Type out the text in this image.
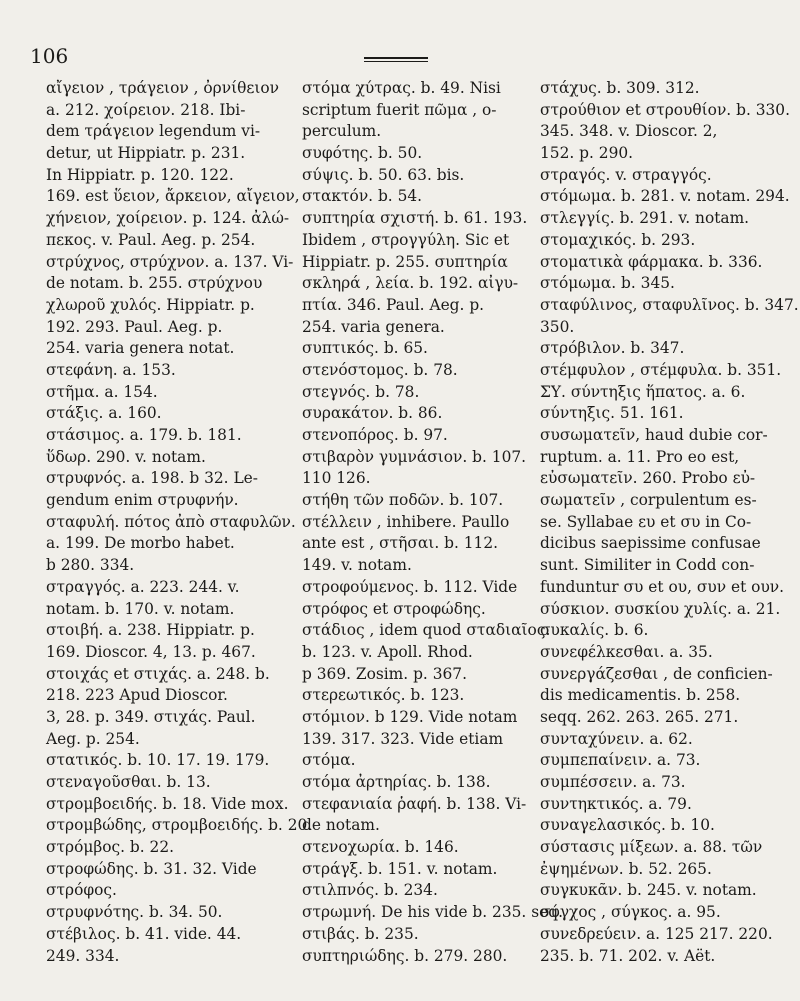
106
αἴγειον , τράγειον , ὀρνίθειον
a. 212. χοίρειον. 218. Ibi-
dem τράγειον legendum vi-
detur, ut Hippiatr. p. 231.
In Hippiatr. p. 120. 122.
169. est ὕειον, ἄρκειον, αἴγειον,
χήνειον, χοίρειον. p. 124. ἀλώ-
πεκος. v. Paul. Aeg. p. 254.
στρύχνος, στρύχνον. a. 137. Vi-
de notam. b. 255. στρύχνου
χλωροῦ χυλός. Hippiatr. p.
192. 293. Paul. Aeg. p.
254. varia genera notat.
στεφάνη. a. 153.
στῆμα. a. 154.
στάξις. a. 160.
στάσιμος. a. 179. b. 181.
ὕδωρ. 290. v. notam.
στρυφνός. a. 198. b 32. Le-
gendum enim στρυφνήν.
σταφυλή. πότος ἀπὸ σταφυλῶν.
a. 199. De morbo habet.
b 280. 334.
στραγγός. a. 223. 244. v.
notam. b. 170. v. notam.
στοιβή. a. 238. Hippiatr. p.
169. Dioscor. 4, 13. p. 467.
στοιχάς et στιχάς. a. 248. b.
218. 223 Apud Dioscor.
3, 28. p. 349. στιχάς. Paul.
Aeg. p. 254.
στατικός. b. 10. 17. 19. 179.
στεναγοῦσθαι. b. 13.
στρομβοειδής. b. 18. Vide mox.
στρομβώδης, στρομβοειδής. b. 20.
στρόμβος. b. 22.
στροφώδης. b. 31. 32. Vide
στρόφος.
στρυφνότης. b. 34. 50.
στέβιλος. b. 41. vide. 44.
249. 334.
στόμα χύτρας. b. 49. Nisi
scriptum fuerit πῶμα , o-
perculum.
συφότης. b. 50.
σύψις. b. 50. 63. bis.
στακτόν. b. 54.
συπτηρία σχιστή. b. 61. 193.
Ibidem , στρογγύλη. Sic et
Hippiatr. p. 255. συπτηρία
σκληρά , λεία. b. 192. αἰγυ-
πτία. 346. Paul. Aeg. p.
254. varia genera.
συπτικός. b. 65.
στενόστομος. b. 78.
στεγνός. b. 78.
συρακάτον. b. 86.
στενοπόρος. b. 97.
στιβαρὸν γυμνάσιον. b. 107.
110 126.
στήθη τῶν ποδῶν. b. 107.
στέλλειν , inhibere. Paullo
ante est , στῆσαι. b. 112.
149. v. notam.
στροφούμενος. b. 112. Vide
στρόφος et στροφώδης.
στάδιος , idem quod σταδιαῖος.
b. 123. v. Apoll. Rhod.
p 369. Zosim. p. 367.
στερεωτικός. b. 123.
στόμιον. b 129. Vide notam
139. 317. 323. Vide etiam
στόμα.
στόμα ἀρτηρίας. b. 138.
στεφανιαία ῥαφή. b. 138. Vi-
de notam.
στενοχωρία. b. 146.
στράγξ. b. 151. v. notam.
στιλπνός. b. 234.
στρωμνή. De his vide b. 235. seq.
στιβάς. b. 235.
συπτηριώδης. b. 279. 280.
στάχυς. b. 309. 312.
στρούθιον et στρουθίον. b. 330.
345. 348. v. Dioscor. 2,
152. p. 290.
στραγός. v. στραγγός.
στόμωμα. b. 281. v. notam. 294.
στλεγγίς. b. 291. v. notam.
στομαχικός. b. 293.
στοματικὰ φάρμακα. b. 336.
στόμωμα. b. 345.
σταφύλινος, σταφυλῖνος. b. 347.
350.
στρόβιλον. b. 347.
στέμφυλον , στέμφυλα. b. 351.
ΣΥ. σύντηξις ἥπατος. a. 6.
σύντηξις. 51. 161.
συσωματεῖν, haud dubie cor-
ruptum. a. 11. Pro eo est,
εὐσωματεῖν. 260. Probo εὐ-
σωματεῖν , corpulentum es-
se. Syllabae ευ et συ in Co-
dicibus saepissime confusae
sunt. Similiter in Codd con-
funduntur συ et ου, συν et ουν.
σύσκιον. συσκίου χυλίς. a. 21.
συκαλίς. b. 6.
συνεφέλκεσθαι. a. 35.
συνεργάζεσθαι , de conficien-
dis medicamentis. b. 258.
seqq. 262. 263. 265. 271.
συνταχύνειν. a. 62.
συμπεπαίνειν. a. 73.
συμπέσσειν. a. 73.
συντηκτικός. a. 79.
συναγελασικός. b. 10.
σύστασις μίξεων. a. 88. τῶν
ἐψημένων. b. 52. 265.
συγκυκᾶν. b. 245. v. notam.
σύγχος , σύγκος. a. 95.
συνεδρεύειν. a. 125 217. 220.
235. b. 71. 202. v. Aët.
